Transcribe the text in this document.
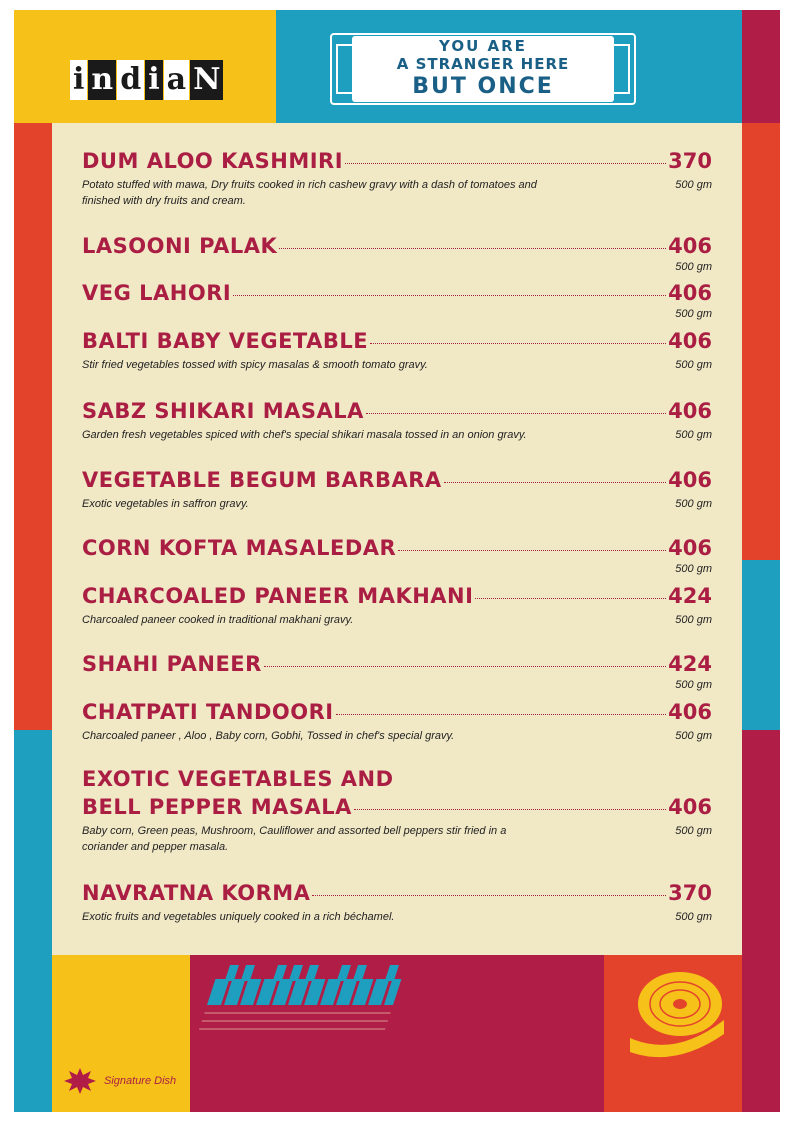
i n d i a N
YOU ARE
A STRANGER HERE
BUT ONCE
DUM ALOO KASHMIRI	370
Potato stuffed with mawa, Dry fruits cooked in rich cashew gravy with a dash of tomatoes and finished with dry fruits and cream.
500 gm
LASOONI PALAK	406
500 gm
VEG LAHORI	406
500 gm
BALTI BABY VEGETABLE	406
Stir fried vegetables tossed with spicy masalas & smooth tomato gravy.	500 gm
SABZ SHIKARI MASALA	406
Garden fresh vegetables spiced with chef's special shikari masala tossed in an onion gravy.	500 gm
VEGETABLE BEGUM BARBARA	406
Exotic vegetables in saffron gravy.	500 gm
CORN KOFTA MASALEDAR	406
500 gm
CHARCOALED PANEER MAKHANI	424
Charcoaled paneer cooked in traditional makhani gravy.	500 gm
SHAHI PANEER	424
500 gm
CHATPATI TANDOORI	406
Charcoaled paneer , Aloo , Baby corn, Gobhi, Tossed in chef's special gravy.	500 gm
EXOTIC VEGETABLES AND
BELL PEPPER MASALA	406
Baby corn, Green peas, Mushroom, Cauliflower and assorted bell peppers stir fried in a coriander and pepper masala.
500 gm
NAVRATNA KORMA	370
Exotic fruits and vegetables uniquely cooked in a rich béchamel.	500 gm
Signature Dish
